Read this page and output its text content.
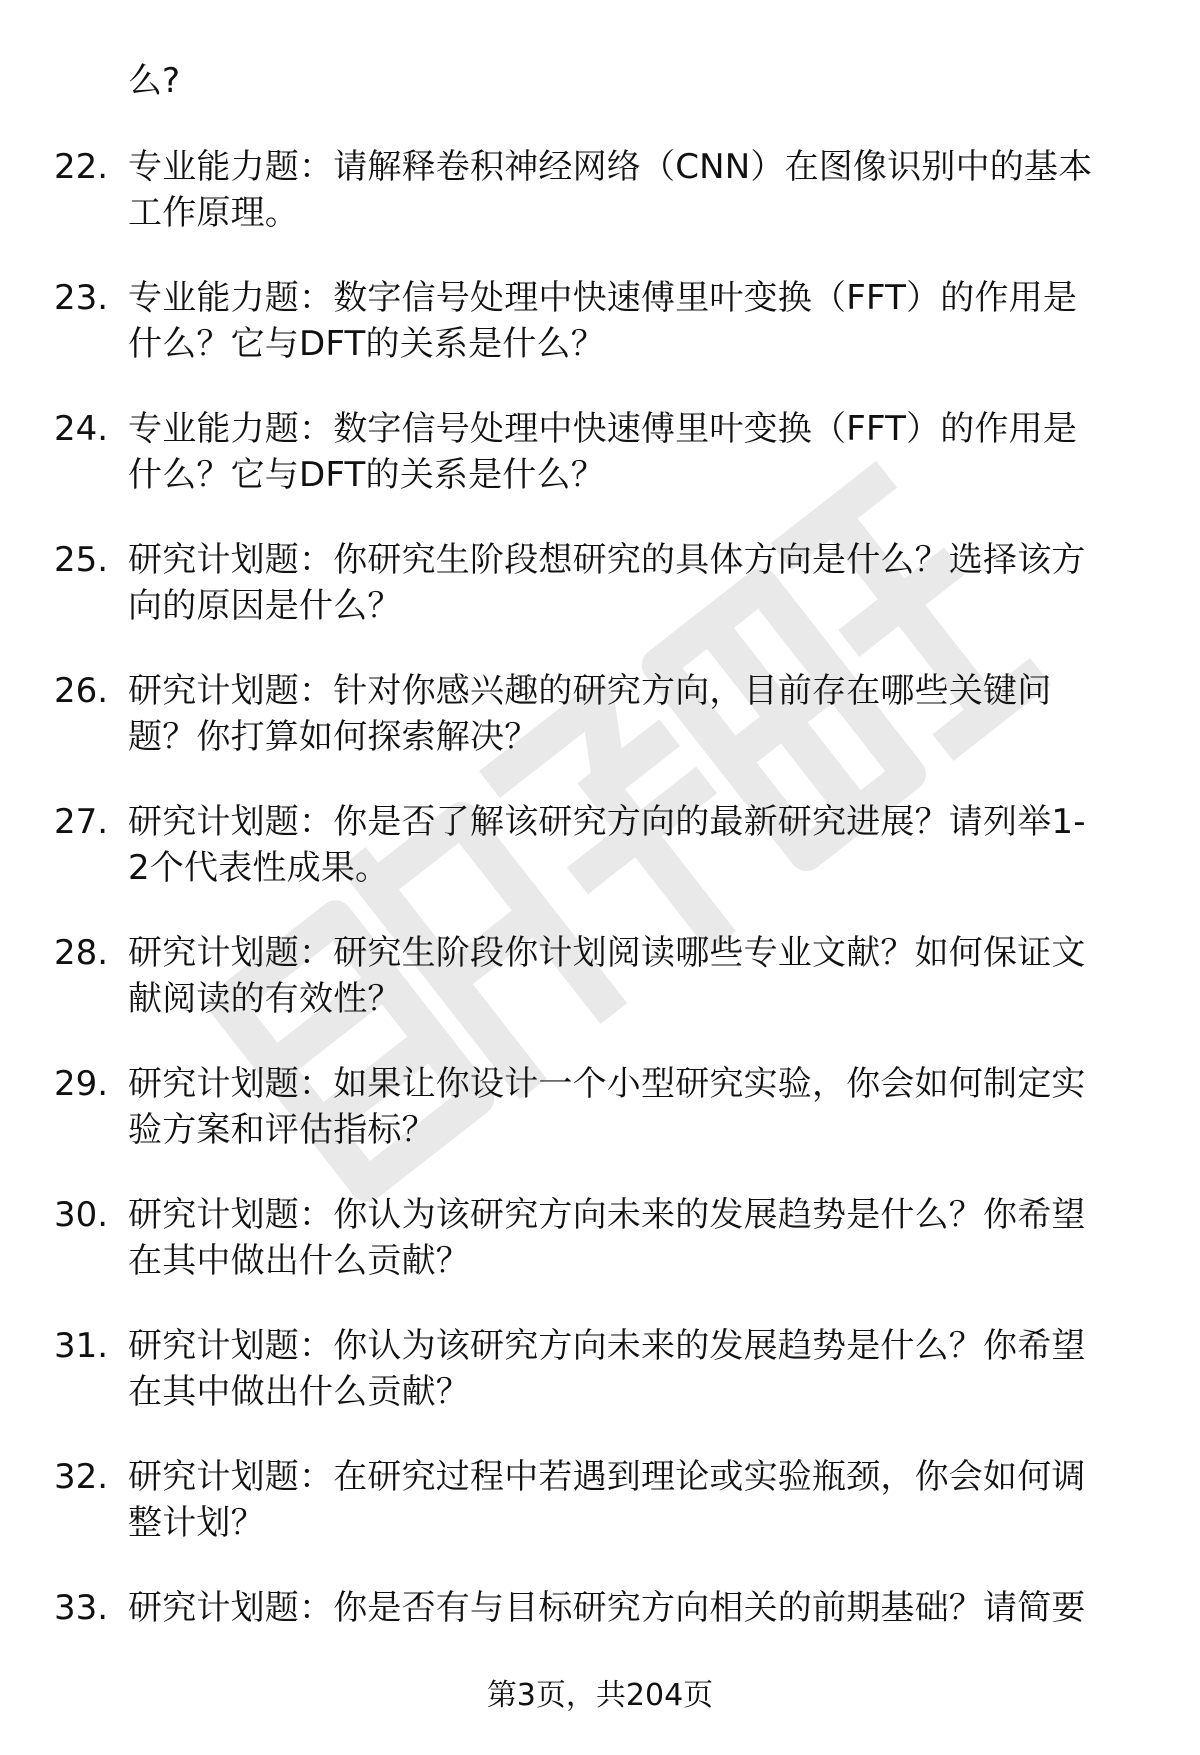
么?
22. 专业能力题：请解释卷积神经网络（CNN）在图像识别中的基本
工作原理。
23. 专业能力题：数字信号处理中快速傅里叶变换（FFT）的作用是
什么？它与DFT的关系是什么？
24. 专业能力题：数字信号处理中快速傅里叶变换（FFT）的作用是
什么？它与DFT的关系是什么？
25. 研究计划题：你研究生阶段想研究的具体方向是什么？选择该方
向的原因是什么？
26. 研究计划题：针对你感兴趣的研究方向，目前存在哪些关键问
题？你打算如何探索解决？
27. 研究计划题：你是否了解该研究方向的最新研究进展？请列举1-
2个代表性成果。
28. 研究计划题：研究生阶段你计划阅读哪些专业文献？如何保证文
献阅读的有效性？
29. 研究计划题：如果让你设计一个小型研究实验，你会如何制定实
验方案和评估指标？
30. 研究计划题：你认为该研究方向未来的发展趋势是什么？你希望
在其中做出什么贡献？
31. 研究计划题：你认为该研究方向未来的发展趋势是什么？你希望
在其中做出什么贡献？
32. 研究计划题：在研究过程中若遇到理论或实验瓶颈，你会如何调
整计划？
33. 研究计划题：你是否有与目标研究方向相关的前期基础？请简要
第3页，共204页
